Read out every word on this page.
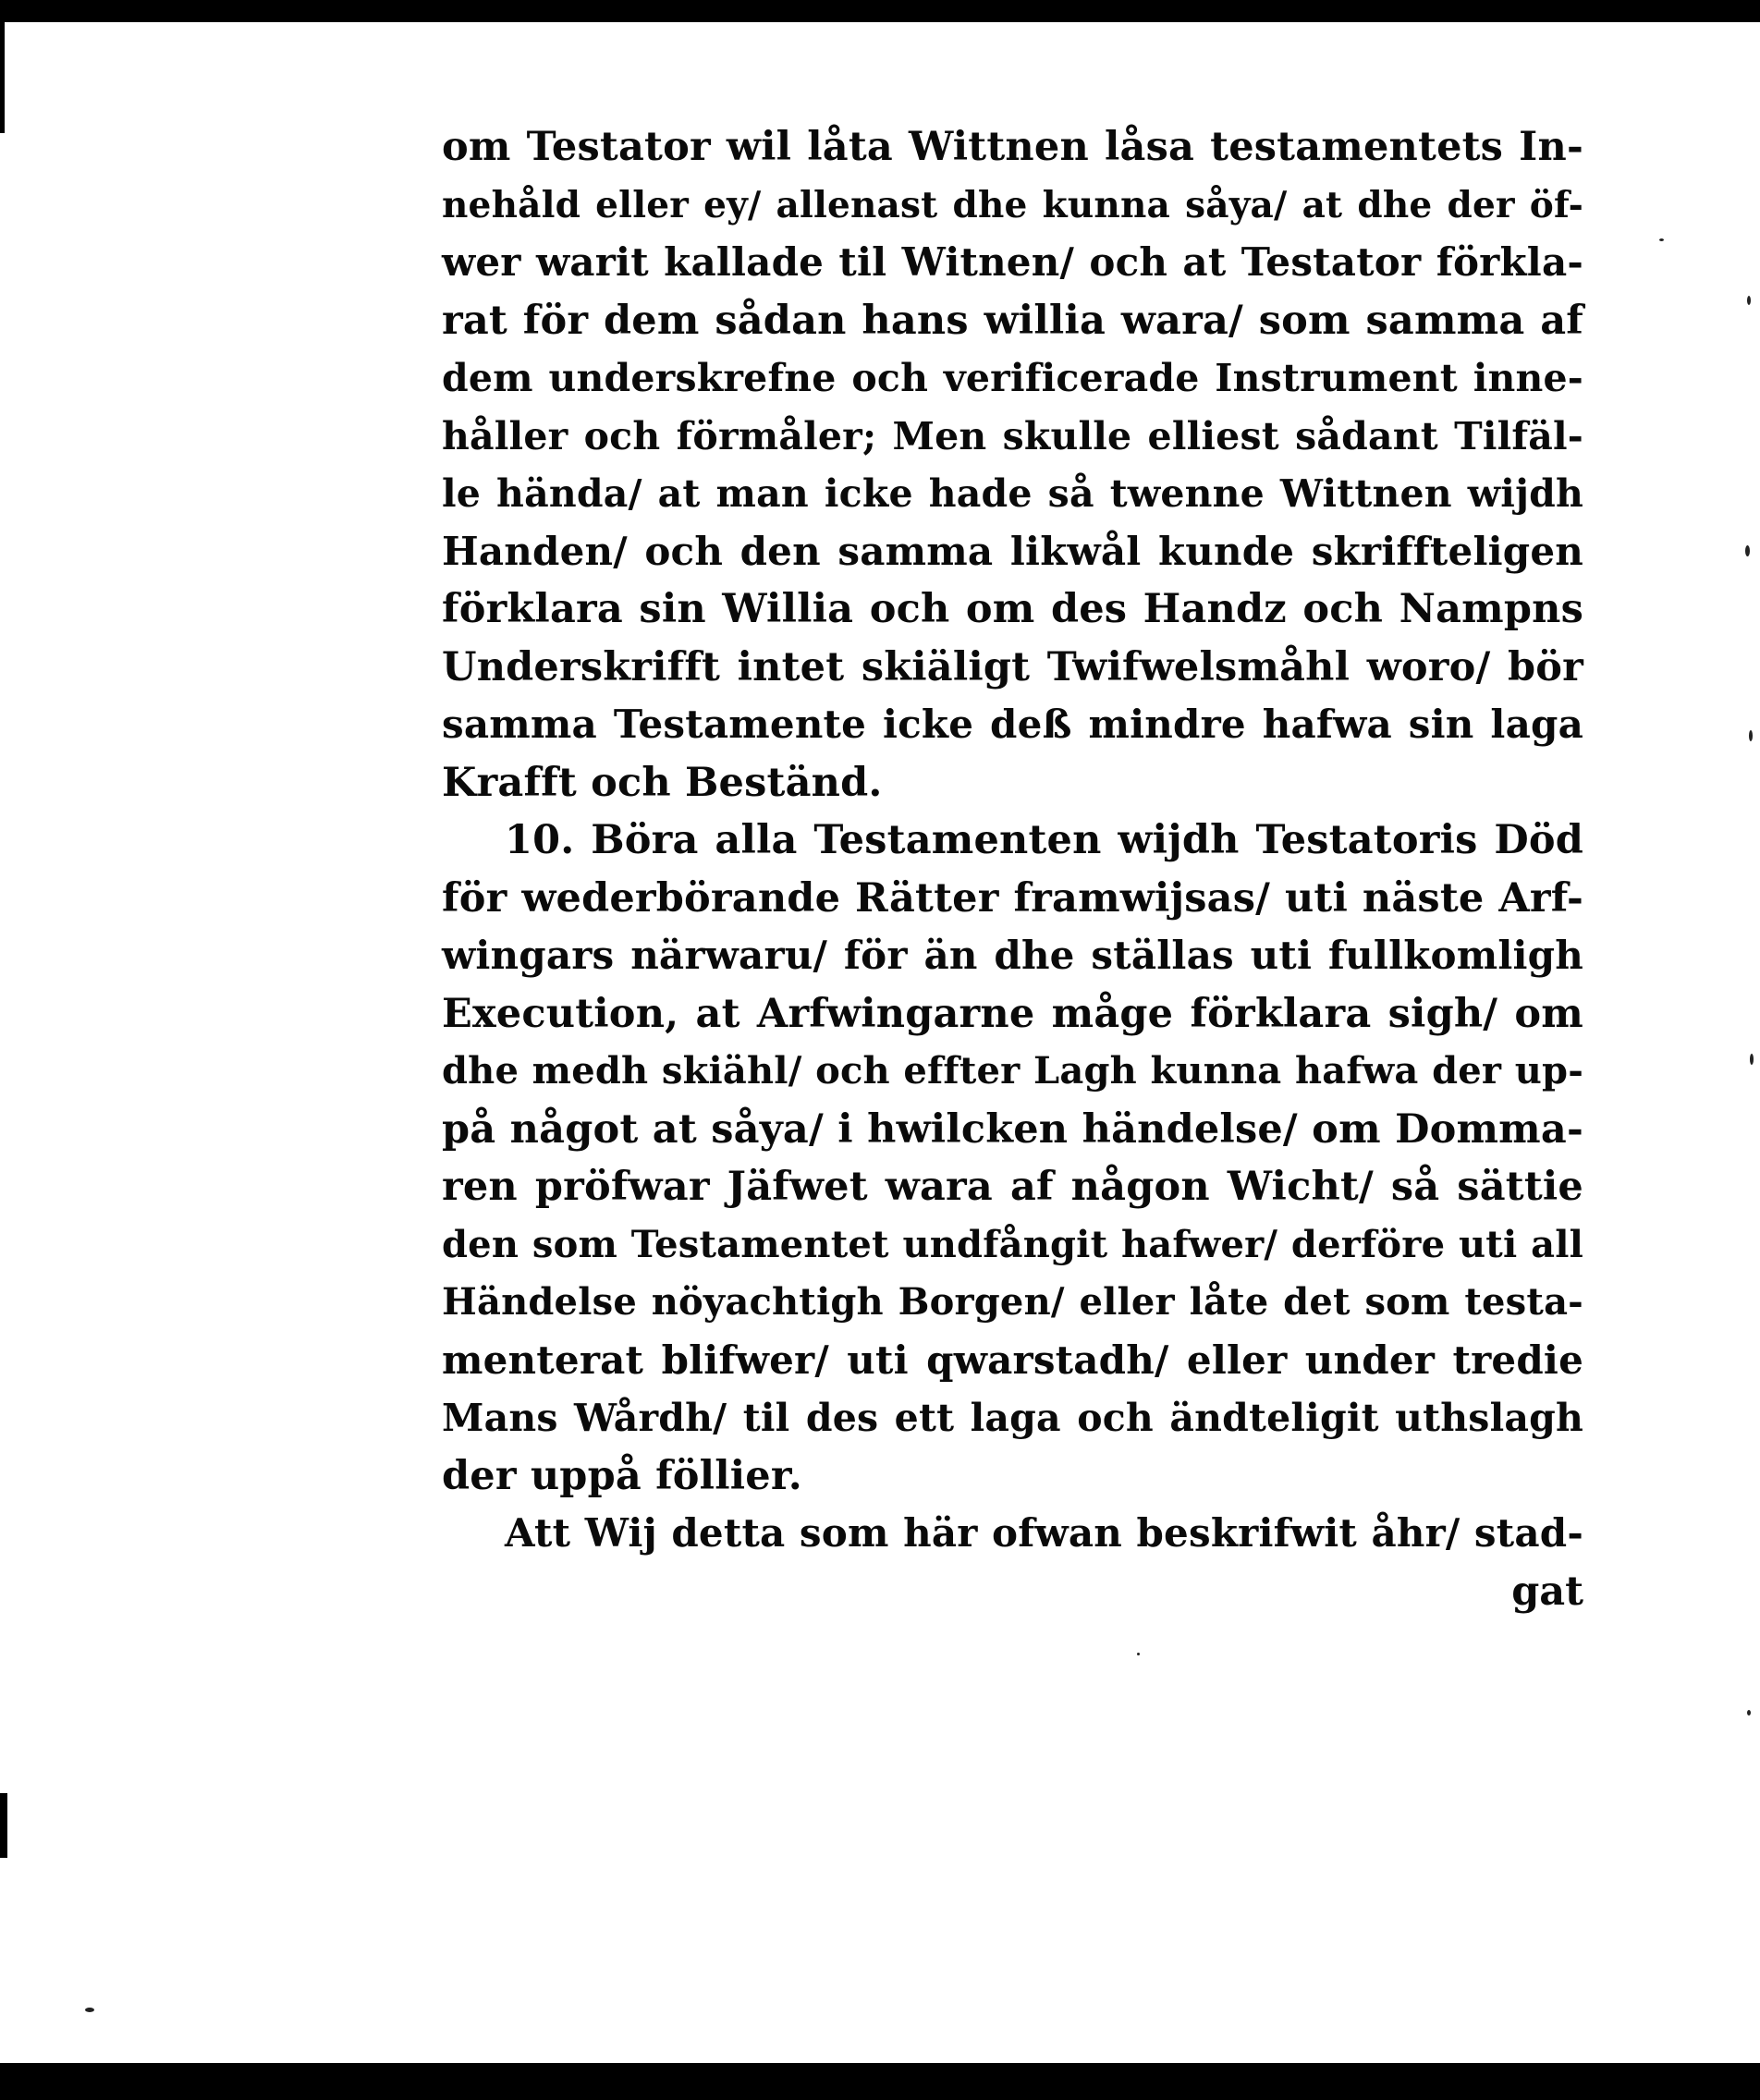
om Testator wil låta Wittnen låsa testamentets In-
nehåld eller ey/ allenast dhe kunna såya/ at dhe der öf-
wer warit kallade til Witnen/ och at Testator förkla-
rat för dem sådan hans willia wara/ som samma af
dem underskrefne och verificerade Instrument inne-
håller och förmåler; Men skulle elliest sådant Tilfäl-
le hända/ at man icke hade så twenne Wittnen wijdh
Handen/ och den samma likwål kunde skriffteligen
förklara sin Willia och om des Handz och Nampns
Underskrifft intet skiäligt Twifwelsmåhl woro/ bör
samma Testamente icke deß mindre hafwa sin laga
Krafft och Beständ.
10. Böra alla Testamenten wijdh Testatoris Död
för wederbörande Rätter framwijsas/ uti näste Arf-
wingars närwaru/ för än dhe ställas uti fullkomligh
Execution, at Arfwingarne måge förklara sigh/ om
dhe medh skiähl/ och effter Lagh kunna hafwa der up-
på något at såya/ i hwilcken händelse/ om Domma-
ren pröfwar Jäfwet wara af någon Wicht/ så sättie
den som Testamentet undfångit hafwer/ derföre uti all
Händelse nöyachtigh Borgen/ eller låte det som testa-
menterat blifwer/ uti qwarstadh/ eller under tredie
Mans Wårdh/ til des ett laga och ändteligit uthslagh
der uppå föllier.
Att Wij detta som här ofwan beskrifwit åhr/ stad-
gat
